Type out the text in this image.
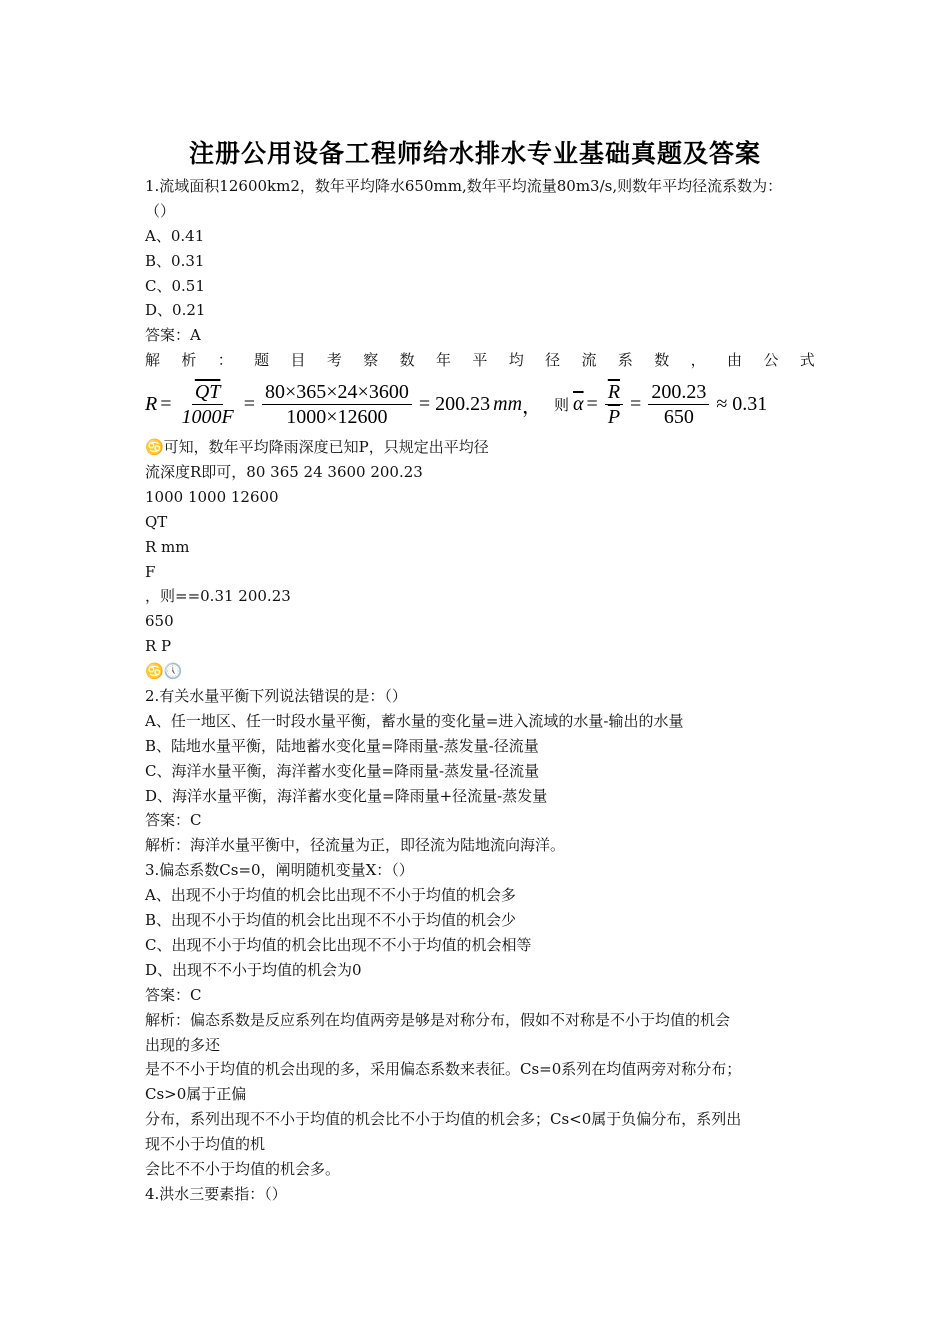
注册公用设备工程师给水排水专业基础真题及答案
1.流域面积12600km2，数年平均降水650mm,数年平均流量80m3/s,则数年平均径流系数为：
（）
A、0.41
B、0.31
C、0.51
D、0.21
答案：A
解 析 ： 题 目 考 察 数 年 平 均 径 流 系 数 ， 由 公 式
$R = \frac{\overline{QT}}{1000F} = \frac{80\times 365\times 24\times 3600}{1000\times 12600} = 200.23$ mm ， 则 $\overline{\alpha} = \frac{\overline{R}}{P} = \frac{200.23}{650} \approx 0.31$
♋可知，数年平均降雨深度已知P，只规定出平均径
流深度R即可，80 365 24 3600 200.23
1000 1000 12600
QT
R mm
F
，则==0.31 200.23
650
R P
♋🕔
2.有关水量平衡下列说法错误的是：（）
A、任一地区、任一时段水量平衡，蓄水量的变化量=进入流域的水量-输出的水量
B、陆地水量平衡，陆地蓄水变化量=降雨量-蒸发量-径流量
C、海洋水量平衡，海洋蓄水变化量=降雨量-蒸发量-径流量
D、海洋水量平衡，海洋蓄水变化量=降雨量+径流量-蒸发量
答案：C
解析：海洋水量平衡中，径流量为正，即径流为陆地流向海洋。
3.偏态系数Cs=0，阐明随机变量X：（）
A、出现不小于均值的机会比出现不不小于均值的机会多
B、出现不小于均值的机会比出现不不小于均值的机会少
C、出现不小于均值的机会比出现不不小于均值的机会相等
D、出现不不小于均值的机会为0
答案：C
解析：偏态系数是反应系列在均值两旁是够是对称分布，假如不对称是不小于均值的机会
出现的多还
是不不小于均值的机会出现的多，采用偏态系数来表征。Cs=0系列在均值两旁对称分布；
Cs>0属于正偏
分布，系列出现不不小于均值的机会比不小于均值的机会多；Cs<0属于负偏分布，系列出
现不小于均值的机
会比不不小于均值的机会多。
4.洪水三要素指：（）
